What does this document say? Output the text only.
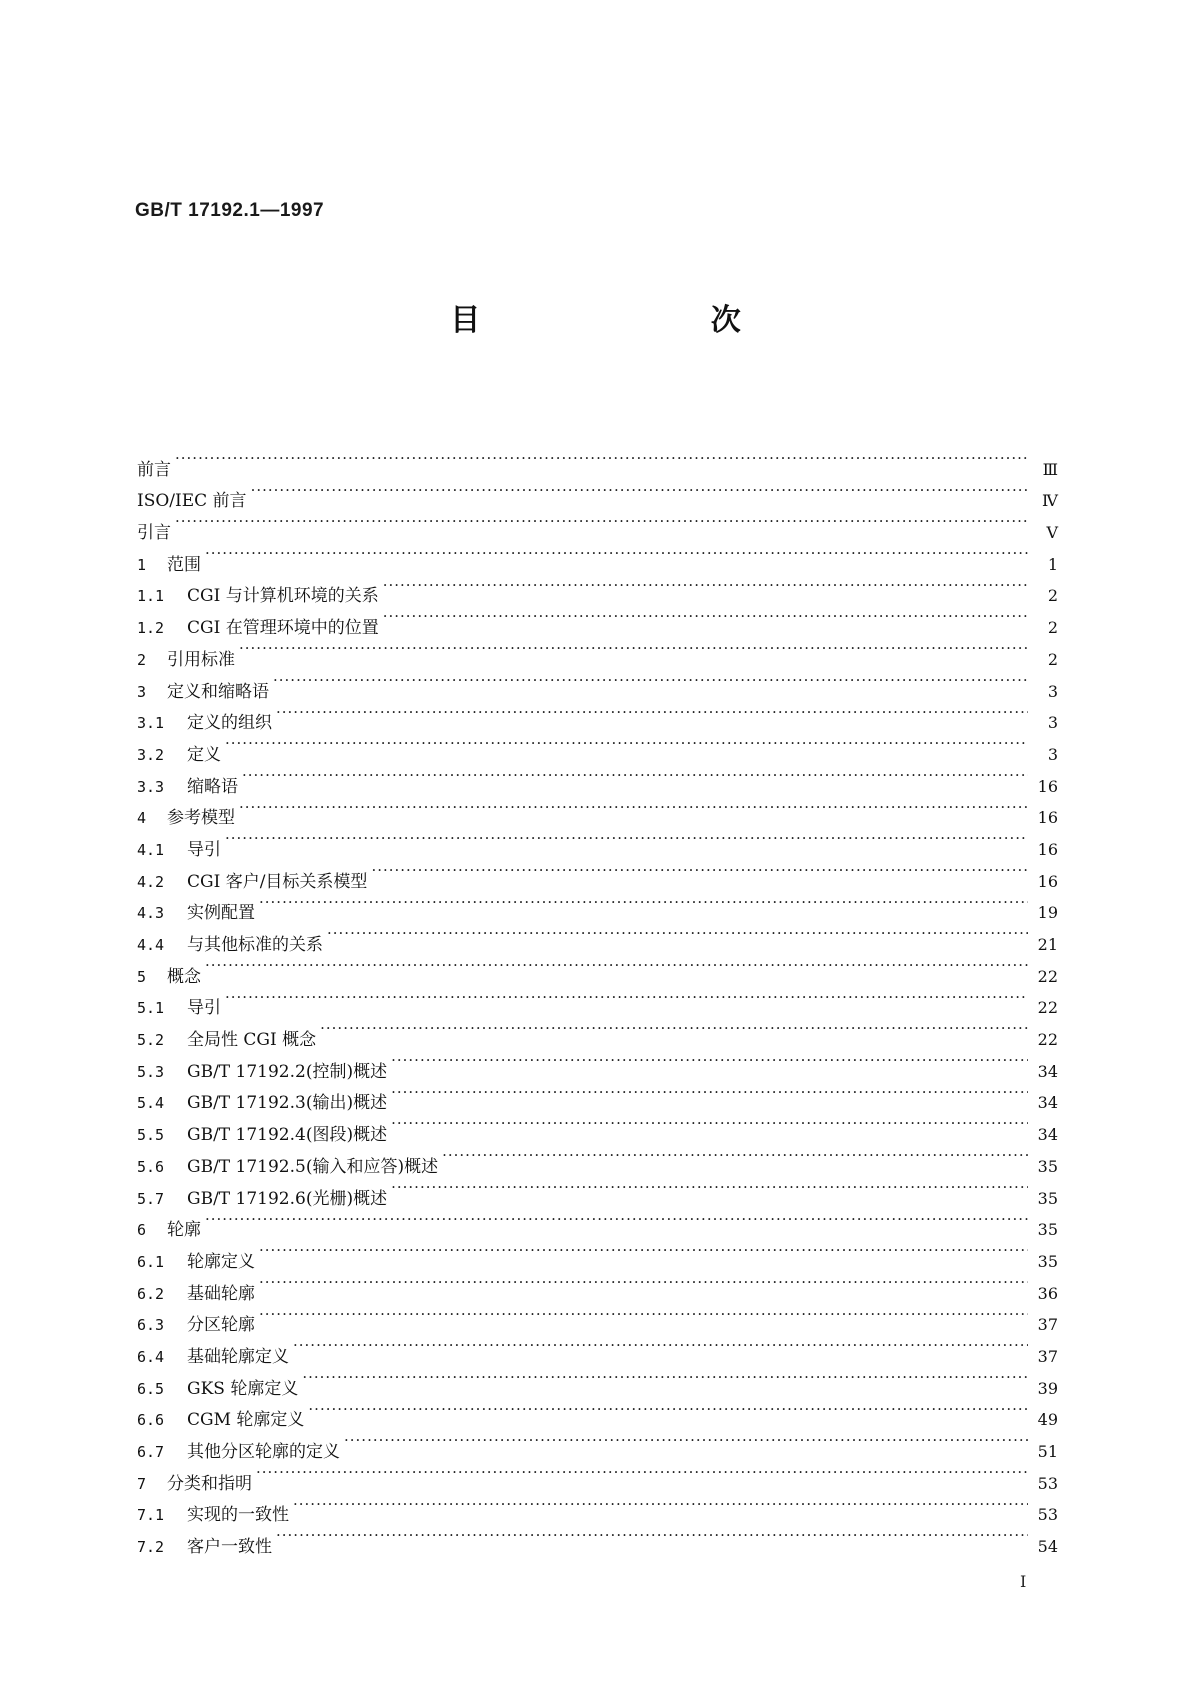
GB/T 17192.1—1997
目 次
前言 ·····	Ⅲ
ISO/IEC 前言 ·····	Ⅳ
引言 ·····	Ⅴ
1	范围 ·····	1
1.1	CGI 与计算机环境的关系 ·····	2
1.2	CGI 在管理环境中的位置 ·····	2
2	引用标准 ·····	2
3	定义和缩略语 ·····	3
3.1	定义的组织 ·····	3
3.2	定义 ·····	3
3.3	缩略语 ·····	16
4	参考模型 ·····	16
4.1	导引 ·····	16
4.2	CGI 客户/目标关系模型 ·····	16
4.3	实例配置 ·····	19
4.4	与其他标准的关系 ·····	21
5	概念 ·····	22
5.1	导引 ·····	22
5.2	全局性 CGI 概念 ·····	22
5.3	GB/T 17192.2(控制)概述 ·····	34
5.4	GB/T 17192.3(输出)概述 ·····	34
5.5	GB/T 17192.4(图段)概述 ·····	34
5.6	GB/T 17192.5(输入和应答)概述 ·····	35
5.7	GB/T 17192.6(光栅)概述 ·····	35
6	轮廓 ·····	35
6.1	轮廓定义 ·····	35
6.2	基础轮廓 ·····	36
6.3	分区轮廓 ·····	37
6.4	基础轮廓定义 ·····	37
6.5	GKS 轮廓定义 ·····	39
6.6	CGM 轮廓定义 ·····	49
6.7	其他分区轮廓的定义 ·····	51
7	分类和指明 ·····	53
7.1	实现的一致性 ·····	53
7.2	客户一致性 ·····	54
I
